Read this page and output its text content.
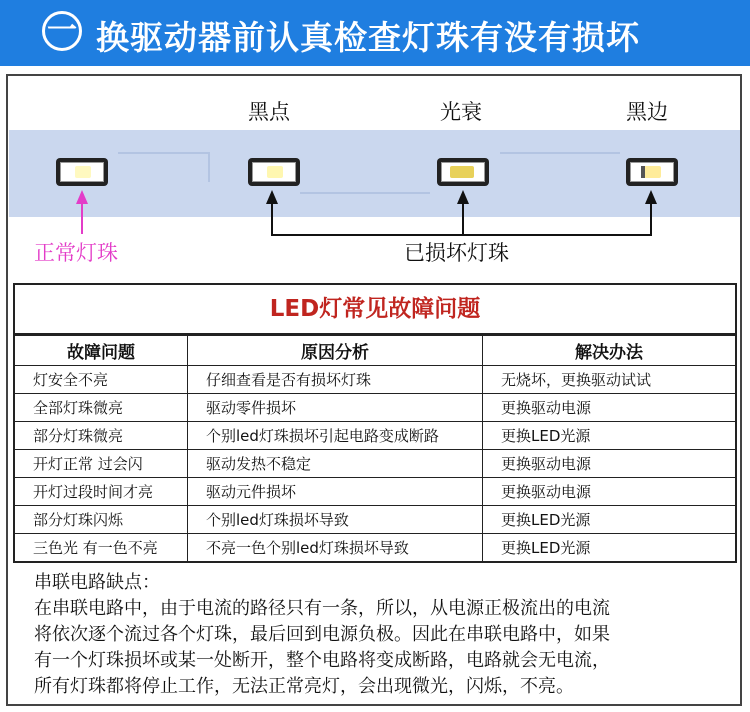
一 换驱动器前认真检查灯珠有没有损坏
黑点	光衰	黑边
正常灯珠	已损坏灯珠
LED灯常见故障问题
故障问题	原因分析	解决办法
灯安全不亮	仔细查看是否有损坏灯珠	无烧坏，更换驱动试试
全部灯珠微亮	驱动零件损坏	更换驱动电源
部分灯珠微亮	个别led灯珠损坏引起电路变成断路	更换LED光源
开灯正常 过会闪	驱动发热不稳定	更换驱动电源
开灯过段时间才亮	驱动元件损坏	更换驱动电源
部分灯珠闪烁	个别led灯珠损坏导致	更换LED光源
三色光 有一色不亮	不亮一色个别led灯珠损坏导致	更换LED光源
串联电路缺点：
在串联电路中，由于电流的路径只有一条，所以，从电源正极流出的电流
将依次逐个流过各个灯珠，最后回到电源负极。因此在串联电路中，如果
有一个灯珠损坏或某一处断开，整个电路将变成断路，电路就会无电流，
所有灯珠都将停止工作，无法正常亮灯，会出现微光，闪烁，不亮。
